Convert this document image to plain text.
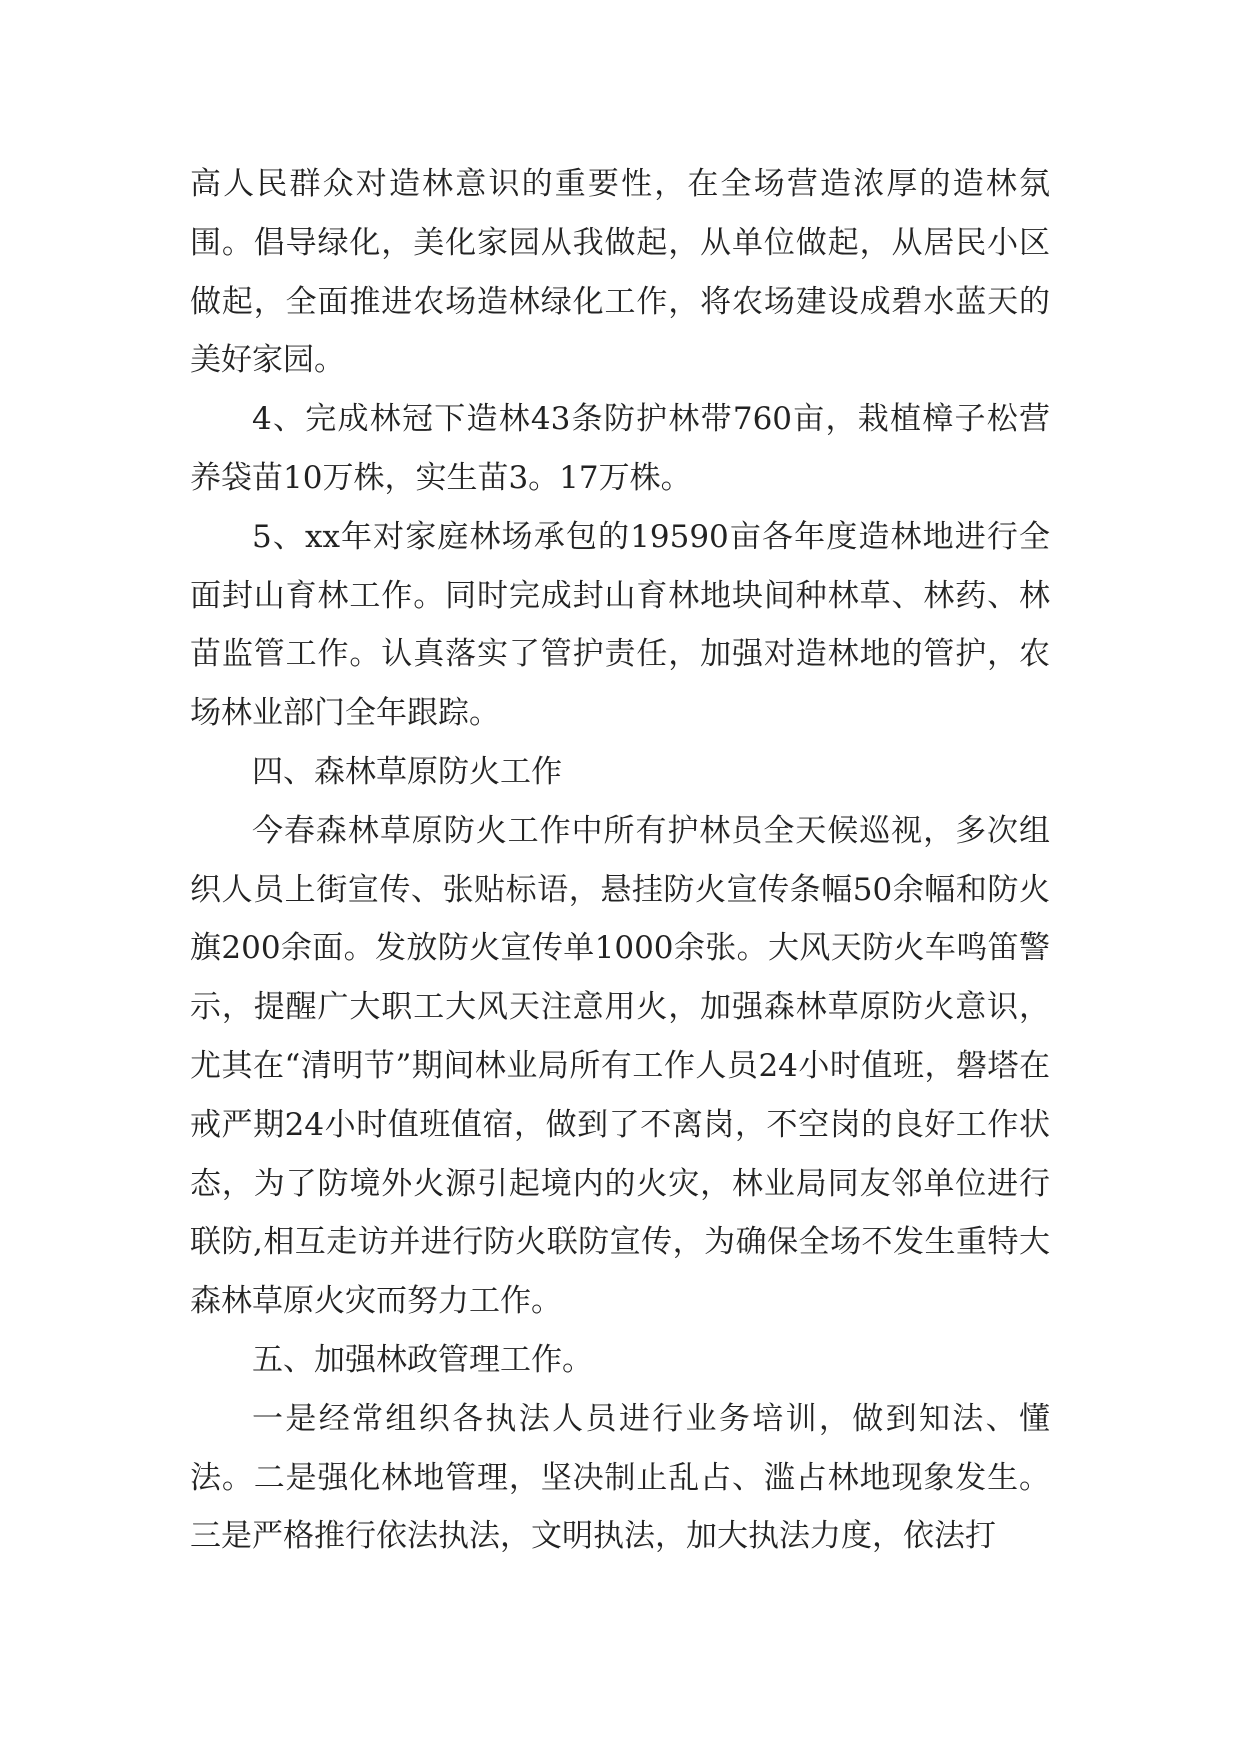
高人民群众对造林意识的重要性，在全场营造浓厚的造林氛围。倡导绿化，美化家园从我做起，从单位做起，从居民小区做起，全面推进农场造林绿化工作，将农场建设成碧水蓝天的美好家园。

4、完成林冠下造林43条防护林带760亩，栽植樟子松营养袋苗10万株，实生苗3。17万株。

5、xx年对家庭林场承包的19590亩各年度造林地进行全面封山育林工作。同时完成封山育林地块间种林草、林药、林苗监管工作。认真落实了管护责任，加强对造林地的管护，农场林业部门全年跟踪。

四、森林草原防火工作

今春森林草原防火工作中所有护林员全天候巡视，多次组织人员上街宣传、张贴标语，悬挂防火宣传条幅50余幅和防火旗200余面。发放防火宣传单1000余张。大风天防火车鸣笛警示，提醒广大职工大风天注意用火，加强森林草原防火意识，尤其在“清明节”期间林业局所有工作人员24小时值班，磐塔在戒严期24小时值班值宿，做到了不离岗，不空岗的良好工作状态，为了防境外火源引起境内的火灾，林业局同友邻单位进行联防,相互走访并进行防火联防宣传，为确保全场不发生重特大森林草原火灾而努力工作。

五、加强林政管理工作。

一是经常组织各执法人员进行业务培训，做到知法、懂法。二是强化林地管理，坚决制止乱占、滥占林地现象发生。三是严格推行依法执法，文明执法，加大执法力度，依法打
